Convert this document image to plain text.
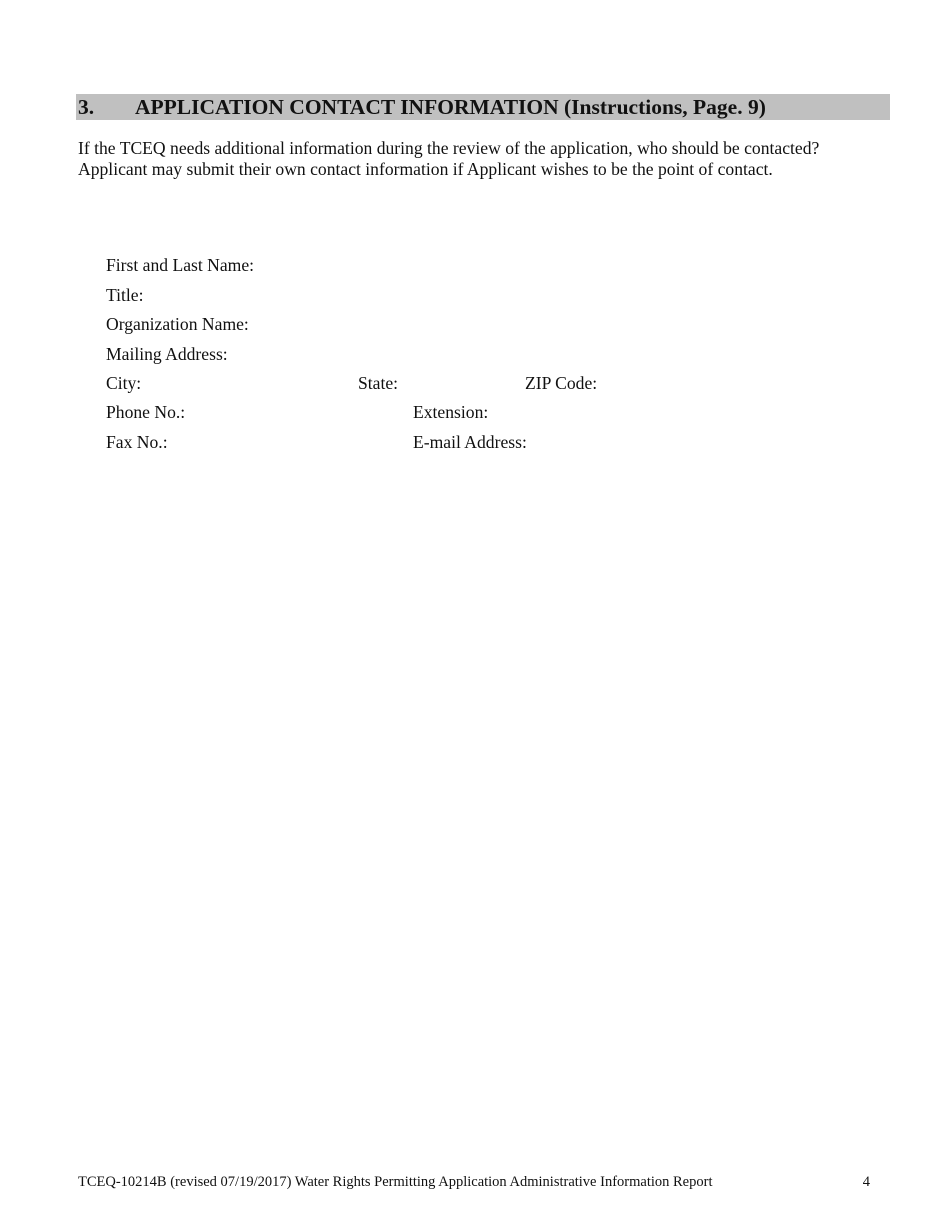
3.	APPLICATION CONTACT INFORMATION (Instructions, Page. 9)

If the TCEQ needs additional information during the review of the application, who should be contacted? Applicant may submit their own contact information if Applicant wishes to be the point of contact.

First and Last Name:
Title:
Organization Name:
Mailing Address:
City:	State:	ZIP Code:
Phone No.:	Extension:
Fax No.:	E-mail Address:
TCEQ-10214B (revised 07/19/2017) Water Rights Permitting Application Administrative Information Report	4
